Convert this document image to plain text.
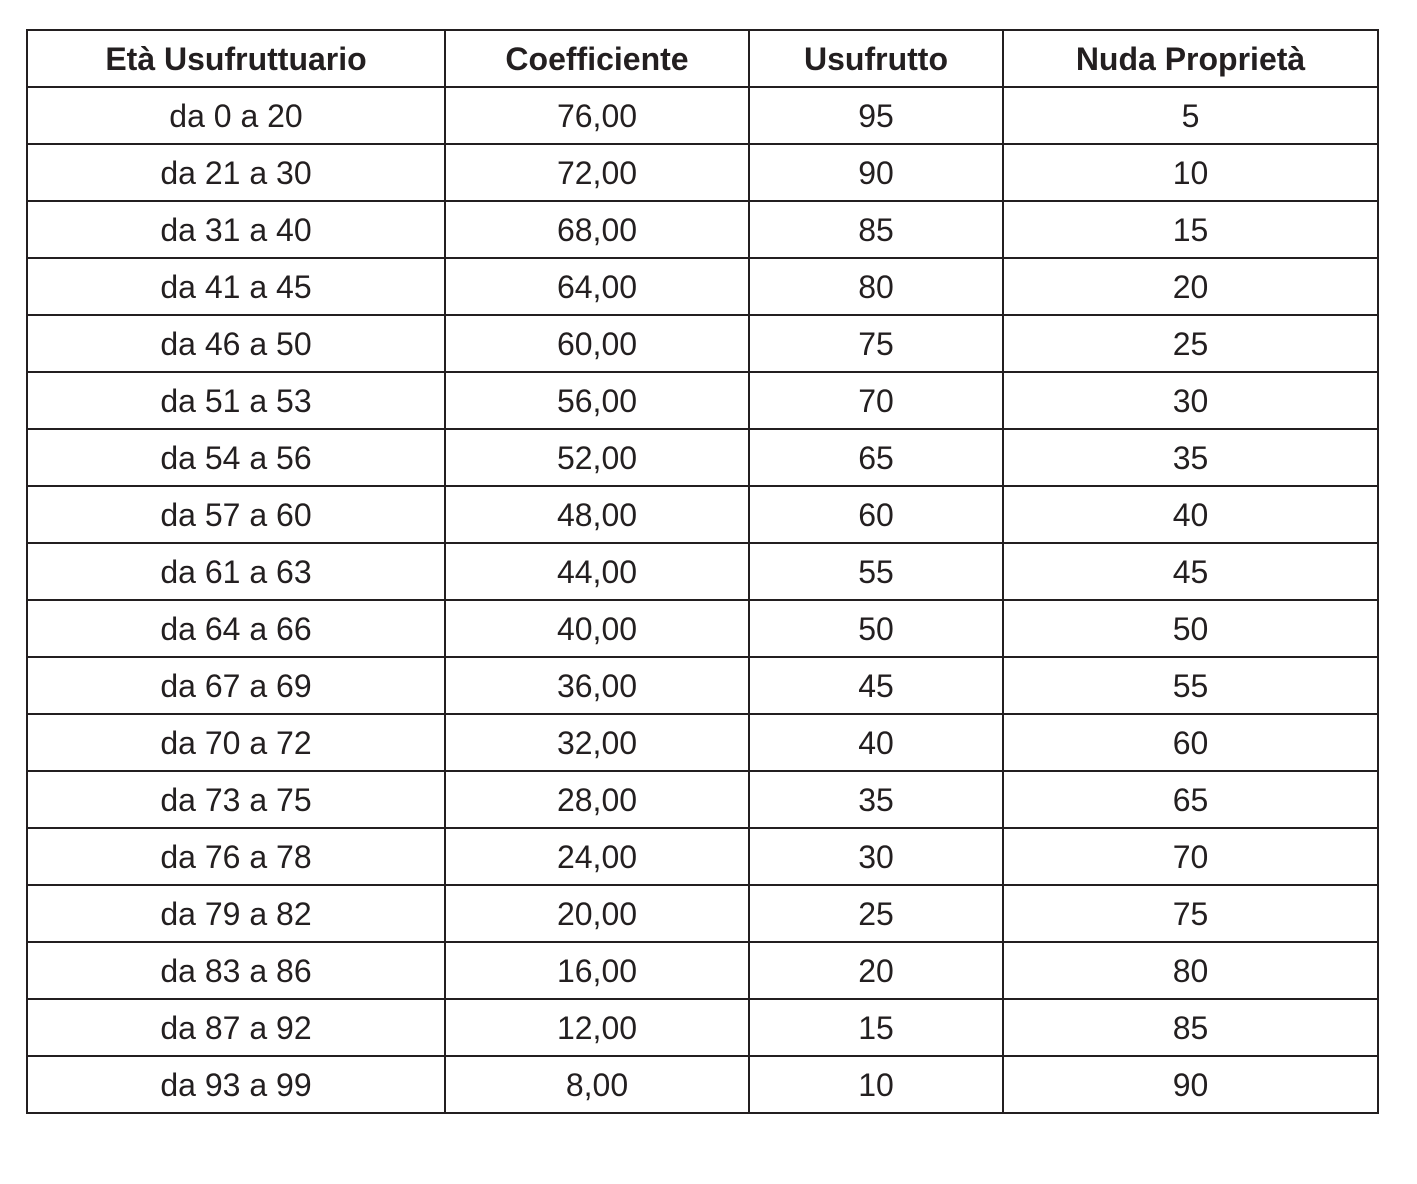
Età Usufruttuario	Coefficiente	Usufrutto	Nuda Proprietà
da 0 a 20	76,00	95	5
da 21 a 30	72,00	90	10
da 31 a 40	68,00	85	15
da 41 a 45	64,00	80	20
da 46 a 50	60,00	75	25
da 51 a 53	56,00	70	30
da 54 a 56	52,00	65	35
da 57 a 60	48,00	60	40
da 61 a 63	44,00	55	45
da 64 a 66	40,00	50	50
da 67 a 69	36,00	45	55
da 70 a 72	32,00	40	60
da 73 a 75	28,00	35	65
da 76 a 78	24,00	30	70
da 79 a 82	20,00	25	75
da 83 a 86	16,00	20	80
da 87 a 92	12,00	15	85
da 93 a 99	8,00	10	90
